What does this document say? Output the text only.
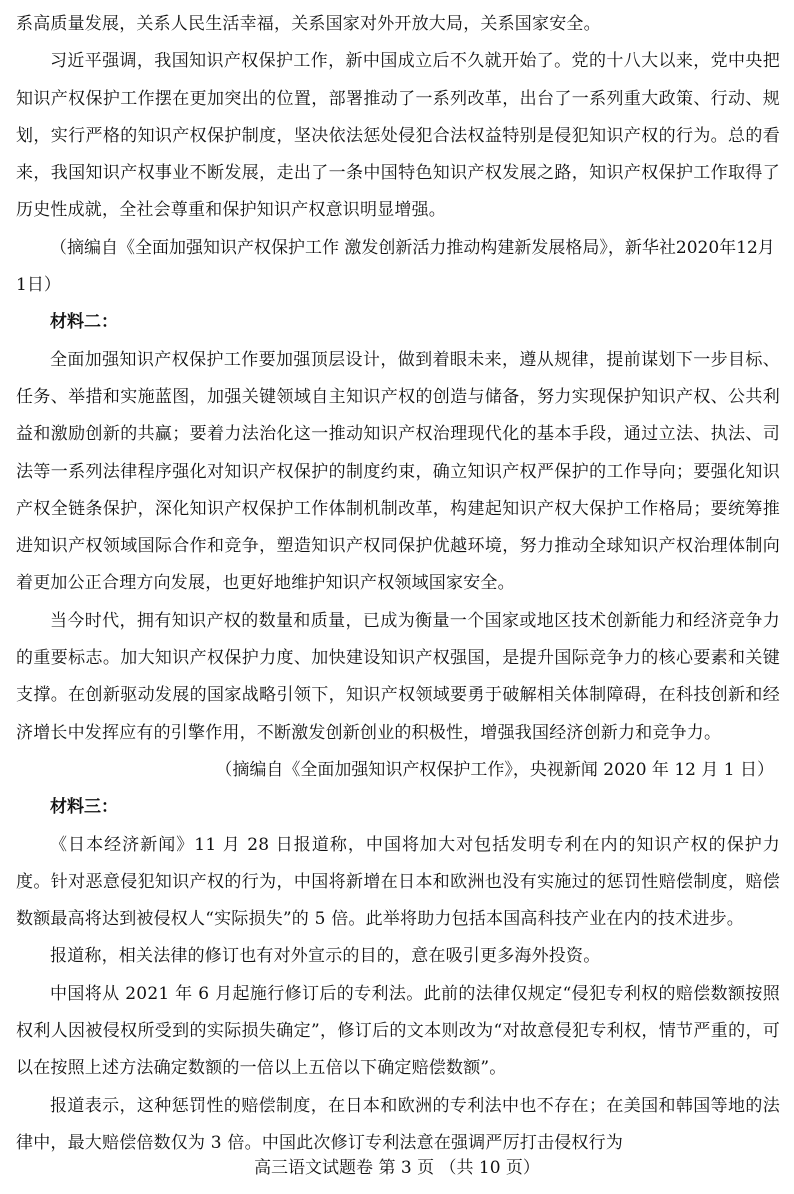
系高质量发展，关系人民生活幸福，关系国家对外开放大局，关系国家安全。

习近平强调，我国知识产权保护工作，新中国成立后不久就开始了。党的十八大以来，党中央把知识产权保护工作摆在更加突出的位置，部署推动了一系列改革，出台了一系列重大政策、行动、规划，实行严格的知识产权保护制度，坚决依法惩处侵犯合法权益特别是侵犯知识产权的行为。总的看来，我国知识产权事业不断发展，走出了一条中国特色知识产权发展之路，知识产权保护工作取得了历史性成就，全社会尊重和保护知识产权意识明显增强。

（摘编自《全面加强知识产权保护工作 激发创新活力推动构建新发展格局》，新华社2020年12月1日）

材料二：

全面加强知识产权保护工作要加强顶层设计，做到着眼未来，遵从规律，提前谋划下一步目标、任务、举措和实施蓝图，加强关键领域自主知识产权的创造与储备，努力实现保护知识产权、公共利益和激励创新的共赢；要着力法治化这一推动知识产权治理现代化的基本手段，通过立法、执法、司法等一系列法律程序强化对知识产权保护的制度约束，确立知识产权严保护的工作导向；要强化知识产权全链条保护，深化知识产权保护工作体制机制改革，构建起知识产权大保护工作格局；要统筹推进知识产权领域国际合作和竞争，塑造知识产权同保护优越环境，努力推动全球知识产权治理体制向着更加公正合理方向发展，也更好地维护知识产权领域国家安全。

当今时代，拥有知识产权的数量和质量，已成为衡量一个国家或地区技术创新能力和经济竞争力的重要标志。加大知识产权保护力度、加快建设知识产权强国，是提升国际竞争力的核心要素和关键支撑。在创新驱动发展的国家战略引领下，知识产权领域要勇于破解相关体制障碍，在科技创新和经济增长中发挥应有的引擎作用，不断激发创新创业的积极性，增强我国经济创新力和竞争力。

（摘编自《全面加强知识产权保护工作》，央视新闻 2020 年 12 月 1 日）

材料三：

《日本经济新闻》11 月 28 日报道称，中国将加大对包括发明专利在内的知识产权的保护力度。针对恶意侵犯知识产权的行为，中国将新增在日本和欧洲也没有实施过的惩罚性赔偿制度，赔偿数额最高将达到被侵权人“实际损失”的 5 倍。此举将助力包括本国高科技产业在内的技术进步。

报道称，相关法律的修订也有对外宣示的目的，意在吸引更多海外投资。

中国将从 2021 年 6 月起施行修订后的专利法。此前的法律仅规定“侵犯专利权的赔偿数额按照权利人因被侵权所受到的实际损失确定”，修订后的文本则改为“对故意侵犯专利权，情节严重的，可以在按照上述方法确定数额的一倍以上五倍以下确定赔偿数额”。

报道表示，这种惩罚性的赔偿制度，在日本和欧洲的专利法中也不存在；在美国和韩国等地的法律中，最大赔偿倍数仅为 3 倍。中国此次修订专利法意在强调严厉打击侵权行为

高三语文试题卷 第 3 页 （共 10 页）
